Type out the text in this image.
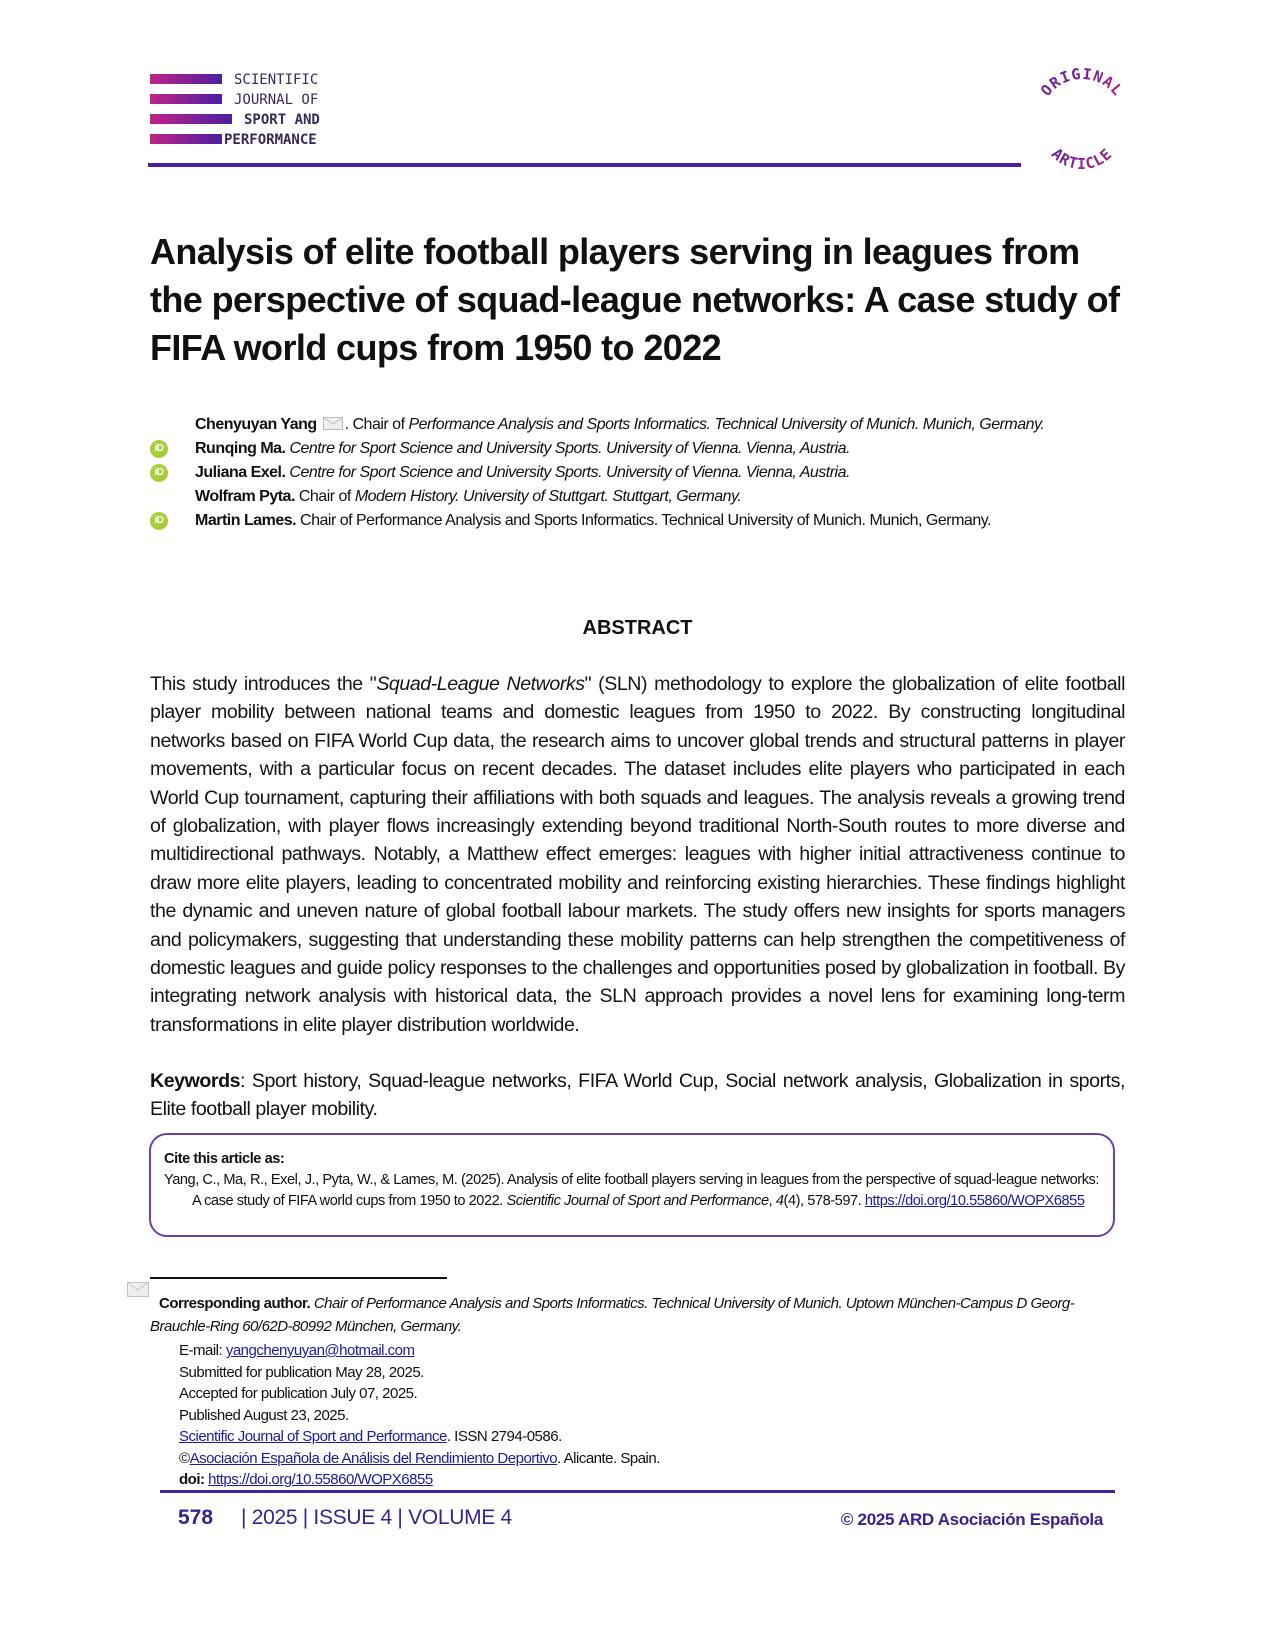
SCIENTIFIC
JOURNAL OF
SPORT AND
PERFORMANCE
ORIGINAL
ARTICLE
Analysis of elite football players serving in leagues from the perspective of squad-league networks: A case study of FIFA world cups from 1950 to 2022
Chenyuyan Yang . Chair of Performance Analysis and Sports Informatics. Technical University of Munich. Munich, Germany.
iD Runqing Ma. Centre for Sport Science and University Sports. University of Vienna. Vienna, Austria.
iD Juliana Exel. Centre for Sport Science and University Sports. University of Vienna. Vienna, Austria.
Wolfram Pyta. Chair of Modern History. University of Stuttgart. Stuttgart, Germany.
iD Martin Lames. Chair of Performance Analysis and Sports Informatics. Technical University of Munich. Munich, Germany.
ABSTRACT

This study introduces the "Squad-League Networks" (SLN) methodology to explore the globalization of elite football player mobility between national teams and domestic leagues from 1950 to 2022. By constructing longitudinal networks based on FIFA World Cup data, the research aims to uncover global trends and structural patterns in player movements, with a particular focus on recent decades. The dataset includes elite players who participated in each World Cup tournament, capturing their affiliations with both squads and leagues. The analysis reveals a growing trend of globalization, with player flows increasingly extending beyond traditional North-South routes to more diverse and multidirectional pathways. Notably, a Matthew effect emerges: leagues with higher initial attractiveness continue to draw more elite players, leading to concentrated mobility and reinforcing existing hierarchies. These findings highlight the dynamic and uneven nature of global football labour markets. The study offers new insights for sports managers and policymakers, suggesting that understanding these mobility patterns can help strengthen the competitiveness of domestic leagues and guide policy responses to the challenges and opportunities posed by globalization in football. By integrating network analysis with historical data, the SLN approach provides a novel lens for examining long-term transformations in elite player distribution worldwide.

Keywords: Sport history, Squad-league networks, FIFA World Cup, Social network analysis, Globalization in sports, Elite football player mobility.

Cite this article as:
Yang, C., Ma, R., Exel, J., Pyta, W., & Lames, M. (2025). Analysis of elite football players serving in leagues from the perspective of squad-league networks: A case study of FIFA world cups from 1950 to 2022. Scientific Journal of Sport and Performance, 4(4), 578-597. https://doi.org/10.55860/WOPX6855
Corresponding author. Chair of Performance Analysis and Sports Informatics. Technical University of Munich. Uptown München-Campus D Georg-Brauchle-Ring 60/62D-80992 München, Germany.
E-mail: yangchenyuyan@hotmail.com
Submitted for publication May 28, 2025.
Accepted for publication July 07, 2025.
Published August 23, 2025.
Scientific Journal of Sport and Performance. ISSN 2794-0586.
©Asociación Española de Análisis del Rendimiento Deportivo. Alicante. Spain.
doi: https://doi.org/10.55860/WOPX6855
578 | 2025 | ISSUE 4 | VOLUME 4	© 2025 ARD Asociación Española
